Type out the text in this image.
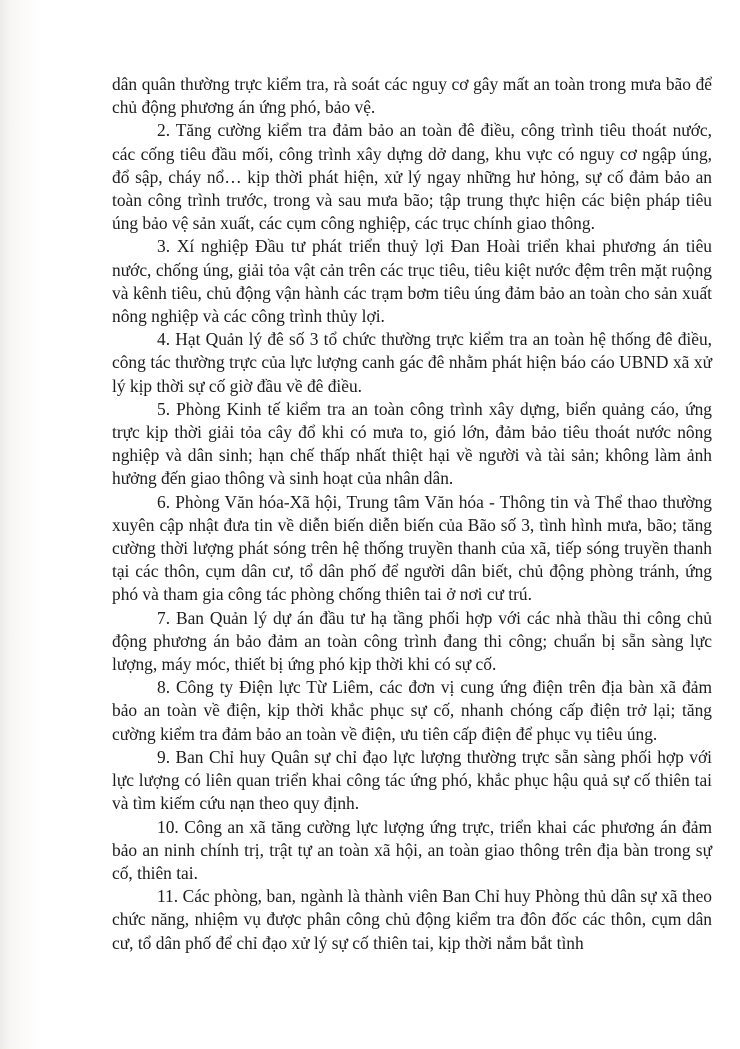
dân quân thường trực kiểm tra, rà soát các nguy cơ gây mất an toàn trong mưa bão để chủ động phương án ứng phó, bảo vệ.

2. Tăng cường kiểm tra đảm bảo an toàn đê điều, công trình tiêu thoát nước, các cống tiêu đầu mối, công trình xây dựng dở dang, khu vực có nguy cơ ngập úng, đổ sập, cháy nổ… kịp thời phát hiện, xử lý ngay những hư hỏng, sự cố đảm bảo an toàn công trình trước, trong và sau mưa bão; tập trung thực hiện các biện pháp tiêu úng bảo vệ sản xuất, các cụm công nghiệp, các trục chính giao thông.

3. Xí nghiệp Đầu tư phát triển thuỷ lợi Đan Hoài triển khai phương án tiêu nước, chống úng, giải tỏa vật cản trên các trục tiêu, tiêu kiệt nước đệm trên mặt ruộng và kênh tiêu, chủ động vận hành các trạm bơm tiêu úng đảm bảo an toàn cho sản xuất nông nghiệp và các công trình thủy lợi.

4. Hạt Quản lý đê số 3 tổ chức thường trực kiểm tra an toàn hệ thống đê điều, công tác thường trực của lực lượng canh gác đê nhằm phát hiện báo cáo UBND xã xử lý kịp thời sự cố giờ đầu về đê điều.

5. Phòng Kinh tế kiểm tra an toàn công trình xây dựng, biển quảng cáo, ứng trực kịp thời giải tỏa cây đổ khi có mưa to, gió lớn, đảm bảo tiêu thoát nước nông nghiệp và dân sinh; hạn chế thấp nhất thiệt hại về người và tài sản; không làm ảnh hưởng đến giao thông và sinh hoạt của nhân dân.

6. Phòng Văn hóa-Xã hội, Trung tâm Văn hóa - Thông tin và Thể thao thường xuyên cập nhật đưa tin về diễn biến diễn biến của Bão số 3, tình hình mưa, bão; tăng cường thời lượng phát sóng trên hệ thống truyền thanh của xã, tiếp sóng truyền thanh tại các thôn, cụm dân cư, tổ dân phố để người dân biết, chủ động phòng tránh, ứng phó và tham gia công tác phòng chống thiên tai ở nơi cư trú.

7. Ban Quản lý dự án đầu tư hạ tầng phối hợp với các nhà thầu thi công chủ động phương án bảo đảm an toàn công trình đang thi công; chuẩn bị sẵn sàng lực lượng, máy móc, thiết bị ứng phó kịp thời khi có sự cố.

8. Công ty Điện lực Từ Liêm, các đơn vị cung ứng điện trên địa bàn xã đảm bảo an toàn về điện, kịp thời khắc phục sự cố, nhanh chóng cấp điện trở lại; tăng cường kiểm tra đảm bảo an toàn về điện, ưu tiên cấp điện để phục vụ tiêu úng.

9. Ban Chỉ huy Quân sự chỉ đạo lực lượng thường trực sẵn sàng phối hợp với lực lượng có liên quan triển khai công tác ứng phó, khắc phục hậu quả sự cố thiên tai và tìm kiếm cứu nạn theo quy định.

10. Công an xã tăng cường lực lượng ứng trực, triển khai các phương án đảm bảo an ninh chính trị, trật tự an toàn xã hội, an toàn giao thông trên địa bàn trong sự cố, thiên tai.

11. Các phòng, ban, ngành là thành viên Ban Chỉ huy Phòng thủ dân sự xã theo chức năng, nhiệm vụ được phân công chủ động kiểm tra đôn đốc các thôn, cụm dân cư, tổ dân phố để chỉ đạo xử lý sự cố thiên tai, kịp thời nắm bắt tình
